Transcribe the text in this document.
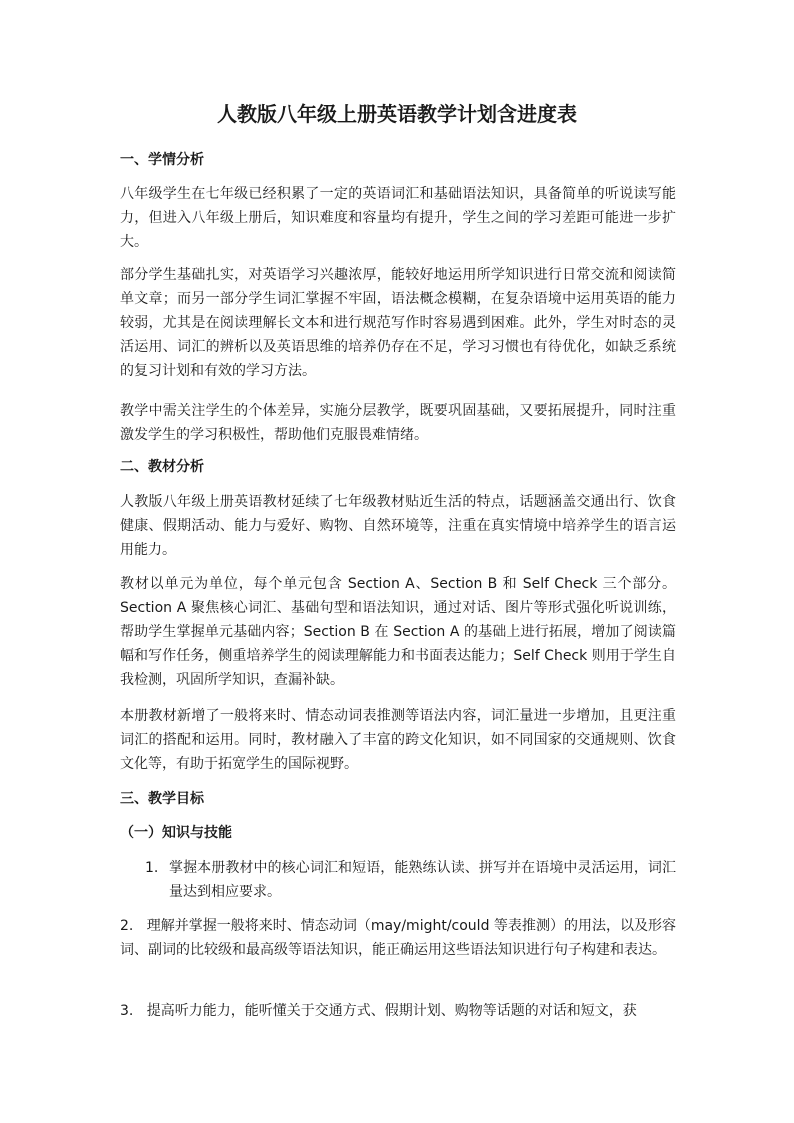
人教版八年级上册英语教学计划含进度表
一、学情分析
八年级学生在七年级已经积累了一定的英语词汇和基础语法知识，具备简单的听说读写能力，但进入八年级上册后，知识难度和容量均有提升，学生之间的学习差距可能进一步扩大。
部分学生基础扎实，对英语学习兴趣浓厚，能较好地运用所学知识进行日常交流和阅读简单文章；而另一部分学生词汇掌握不牢固，语法概念模糊，在复杂语境中运用英语的能力较弱，尤其是在阅读理解长文本和进行规范写作时容易遇到困难。此外，学生对时态的灵活运用、词汇的辨析以及英语思维的培养仍存在不足，学习习惯也有待优化，如缺乏系统的复习计划和有效的学习方法。
教学中需关注学生的个体差异，实施分层教学，既要巩固基础，又要拓展提升，同时注重激发学生的学习积极性，帮助他们克服畏难情绪。
二、教材分析
人教版八年级上册英语教材延续了七年级教材贴近生活的特点，话题涵盖交通出行、饮食健康、假期活动、能力与爱好、购物、自然环境等，注重在真实情境中培养学生的语言运用能力。
教材以单元为单位，每个单元包含 Section A、Section B 和 Self Check 三个部分。Section A 聚焦核心词汇、基础句型和语法知识，通过对话、图片等形式强化听说训练，帮助学生掌握单元基础内容；Section B 在 Section A 的基础上进行拓展，增加了阅读篇幅和写作任务，侧重培养学生的阅读理解能力和书面表达能力；Self Check 则用于学生自我检测，巩固所学知识，查漏补缺。
本册教材新增了一般将来时、情态动词表推测等语法内容，词汇量进一步增加，且更注重词汇的搭配和运用。同时，教材融入了丰富的跨文化知识，如不同国家的交通规则、饮食文化等，有助于拓宽学生的国际视野。
三、教学目标
（一）知识与技能
1. 掌握本册教材中的核心词汇和短语，能熟练认读、拼写并在语境中灵活运用，词汇量达到相应要求。
2.   理解并掌握一般将来时、情态动词（may/might/could 等表推测）的用法，以及形容词、副词的比较级和最高级等语法知识，能正确运用这些语法知识进行句子构建和表达。
3.   提高听力能力，能听懂关于交通方式、假期计划、购物等话题的对话和短文，获
